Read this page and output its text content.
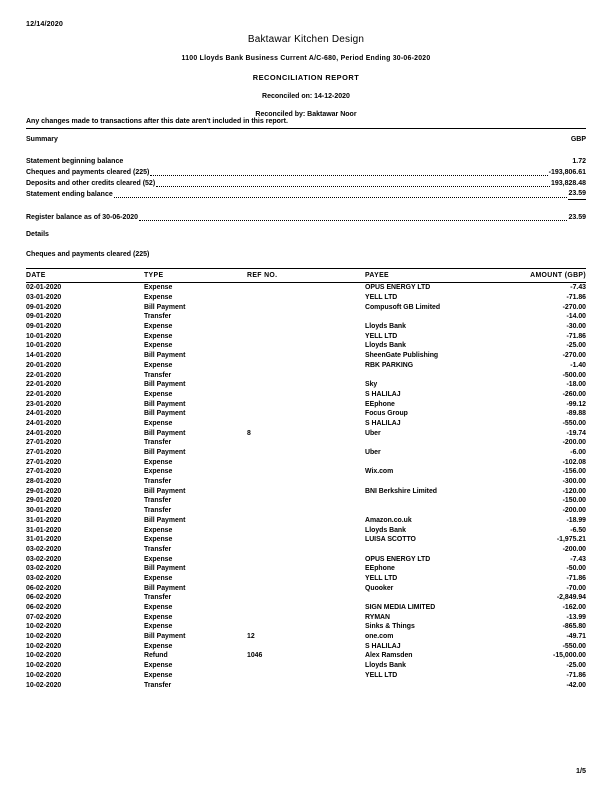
12/14/2020
Baktawar Kitchen Design
1100 Lloyds Bank Business Current A/C-680, Period Ending 30-06-2020
RECONCILIATION REPORT
Reconciled on: 14-12-2020
Reconciled by: Baktawar Noor
Any changes made to transactions after this date aren't included in this report.
Summary	GBP
Statement beginning balance	1.72
Cheques and payments cleared (225)	-193,806.61
Deposits and other credits cleared (52)	193,828.48
Statement ending balance	23.59
Register balance as of 30-06-2020	23.59
Details
Cheques and payments cleared (225)
DATE	TYPE	REF NO.	PAYEE	AMOUNT (GBP)
02-01-2020	Expense		OPUS ENERGY LTD	-7.43
03-01-2020	Expense		YELL LTD	-71.86
09-01-2020	Bill Payment		Compusoft GB Limited	-270.00
09-01-2020	Transfer			-14.00
09-01-2020	Expense		Lloyds Bank	-30.00
10-01-2020	Expense		YELL LTD	-71.86
10-01-2020	Expense		Lloyds Bank	-25.00
14-01-2020	Bill Payment		SheenGate Publishing	-270.00
20-01-2020	Expense		RBK PARKING	-1.40
22-01-2020	Transfer			-500.00
22-01-2020	Bill Payment		Sky	-18.00
22-01-2020	Expense		S HALILAJ	-260.00
23-01-2020	Bill Payment		EEphone	-99.12
24-01-2020	Bill Payment		Focus Group	-89.88
24-01-2020	Expense		S HALILAJ	-550.00
24-01-2020	Bill Payment	8	Uber	-19.74
27-01-2020	Transfer			-200.00
27-01-2020	Bill Payment		Uber	-6.00
27-01-2020	Expense			-102.08
27-01-2020	Expense		Wix.com	-156.00
28-01-2020	Transfer			-300.00
29-01-2020	Bill Payment		BNI Berkshire Limited	-120.00
29-01-2020	Transfer			-150.00
30-01-2020	Transfer			-200.00
31-01-2020	Bill Payment		Amazon.co.uk	-18.99
31-01-2020	Expense		Lloyds Bank	-6.50
31-01-2020	Expense		LUISA SCOTTO	-1,975.21
03-02-2020	Transfer			-200.00
03-02-2020	Expense		OPUS ENERGY LTD	-7.43
03-02-2020	Bill Payment		EEphone	-50.00
03-02-2020	Expense		YELL LTD	-71.86
06-02-2020	Bill Payment		Quooker	-70.00
06-02-2020	Transfer			-2,849.94
06-02-2020	Expense		SIGN MEDIA LIMITED	-162.00
07-02-2020	Expense		RYMAN	-13.99
10-02-2020	Expense		Sinks & Things	-865.80
10-02-2020	Bill Payment	12	one.com	-49.71
10-02-2020	Expense		S HALILAJ	-550.00
10-02-2020	Refund	1046	Alex Ramsden	-15,000.00
10-02-2020	Expense		Lloyds Bank	-25.00
10-02-2020	Expense		YELL LTD	-71.86
10-02-2020	Transfer			-42.00
1/5
